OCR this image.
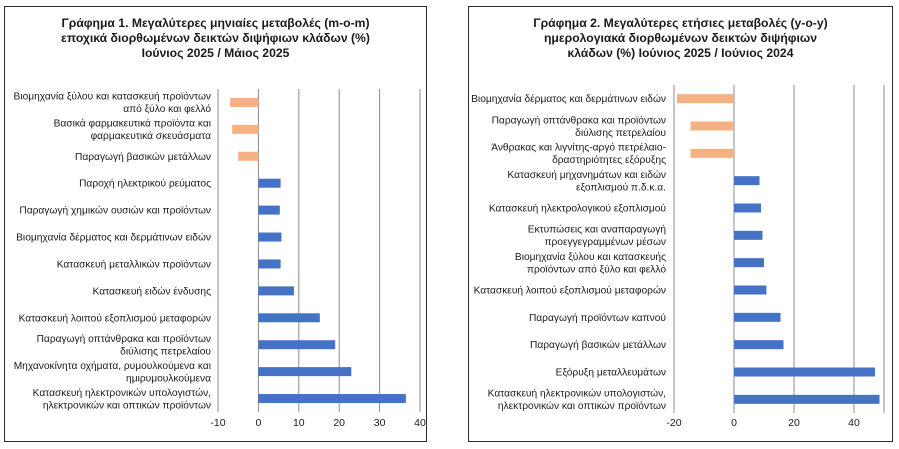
Γράφημα 1. Μεγαλύτερες μηνιαίες μεταβολές (m-o-m)
εποχικά διορθωμένων δεικτών διψήφιων κλάδων (%)
Ιούνιος 2025 / Μάιος 2025
Βιομηχανία ξύλου και κατασκευή προϊόντων από ξύλο και φελλό
Βασικά φαρμακευτικά προϊόντα και φαρμακευτικά σκευάσματα
Παραγωγή βασικών μετάλλων
Παροχή ηλεκτρικού ρεύματος
Παραγωγή χημικών ουσιών και προϊόντων
Βιομηχανία δέρματος και δερμάτινων ειδών
Κατασκευή μεταλλικών προϊόντων
Κατασκευή ειδών ένδυσης
Κατασκευή λοιπού εξοπλισμού μεταφορών
Παραγωγή οπτάνθρακα και προϊόντων διύλισης πετρελαίου
Μηχανοκίνητα οχήματα, ρυμουλκούμενα και ημιρυμουλκούμενα
Κατασκευή ηλεκτρονικών υπολογιστών, ηλεκτρονικών και οπτικών προϊόντων
-10	0	10	20	30	40
Γράφημα 2. Μεγαλύτερες ετήσιες μεταβολές (y-o-y)
ημερολογιακά διορθωμένων δεικτών διψήφιων
κλάδων (%) Ιούνιος 2025 / Ιούνιος 2024
Βιομηχανία δέρματος και δερμάτινων ειδών
Παραγωγή οπτάνθρακα και προϊόντων διύλισης πετρελαίου
Άνθρακας και λιγνίτης-αργό πετρέλαιο-δραστηριότητες εξόρυξης
Κατασκευή μηχανημάτων και ειδών εξοπλισμού π.δ.κ.α.
Κατασκευή ηλεκτρολογικού εξοπλισμού
Εκτυπώσεις και αναπαραγωγή προεγγεγραμμένων μέσων
Βιομηχανία ξύλου και κατασκευής προϊόντων από ξύλο και φελλό
Κατασκευή λοιπού εξοπλισμού μεταφορών
Παραγωγή προϊόντων καπνού
Παραγωγή βασικών μετάλλων
Εξόρυξη μεταλλευμάτων
Κατασκευή ηλεκτρονικών υπολογιστών, ηλεκτρονικών και οπτικών προϊόντων
-20	0	20	40
